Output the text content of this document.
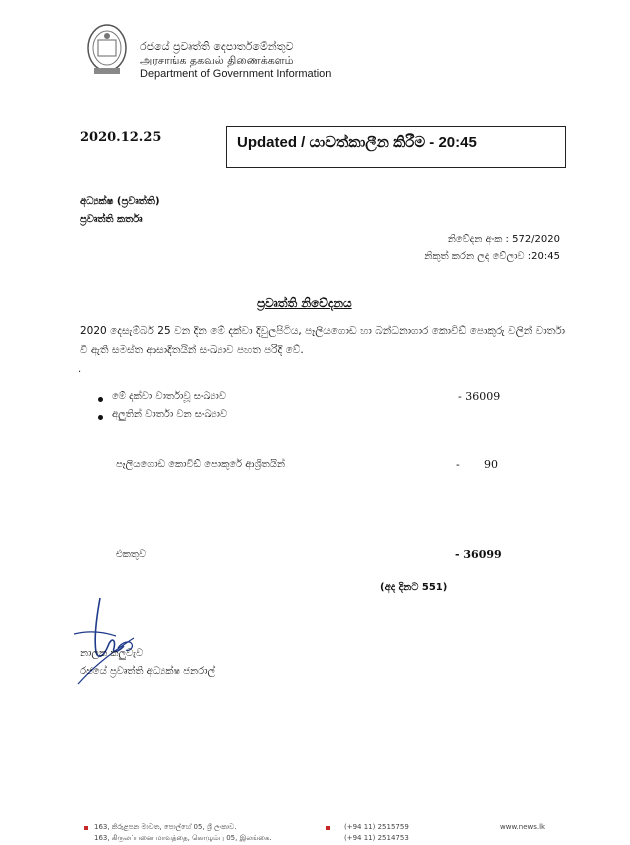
රජයේ ප්‍රවෘත්ති දෙපාර්තමේන්තුව
அரசாங்க தகவல் திணைக்களம்
Department of Government Information
2020.12.25	Updated / යාවත්කාලීන කිරීම - 20:45
අධ්‍යක්ෂ (ප්‍රවෘත්ති)
ප්‍රවෘත්ති කර්තෘ
නිවේදන අංක : 572/2020
නිකුත් කරන ලද වේලාව :20:45
ප්‍රවෘත්ති නිවේදනය
2020 දෙසැම්බර් 25 වන දින මේ දක්වා දිවුලපිටිය, පෑලියගොඩ හා බන්ධනාගාර කොවිඩ් පොකුරු වලින් වාර්තා වී ඇති සමස්ත ආසාදිතයින් සංඛ්‍යාව පහත පරිදි වේ.
.
මේ දක්වා වාර්තාවූ සංඛ්‍යාව	- 36009
අලුතින් වාර්තා වන සංඛ්‍යාව
පෑලියගොඩ කොවිඩ් පොකුරේ ආශ්‍රිතයින්	- 90
එකතුව	- 36099
(අද දිනට 551)
නාලක කලුවැව
රජයේ ප්‍රවෘත්ති අධ්‍යක්ෂ ජනරාල්
163, කිරුළපන මාවත, පොල්හේ 05, ශ්‍රී ලංකාව.
163, கிருலப்பனை மாவத்தை, கொழும்பு 05, இலங்கை.
(+94 11) 2515759
(+94 11) 2514753
www.news.lk
